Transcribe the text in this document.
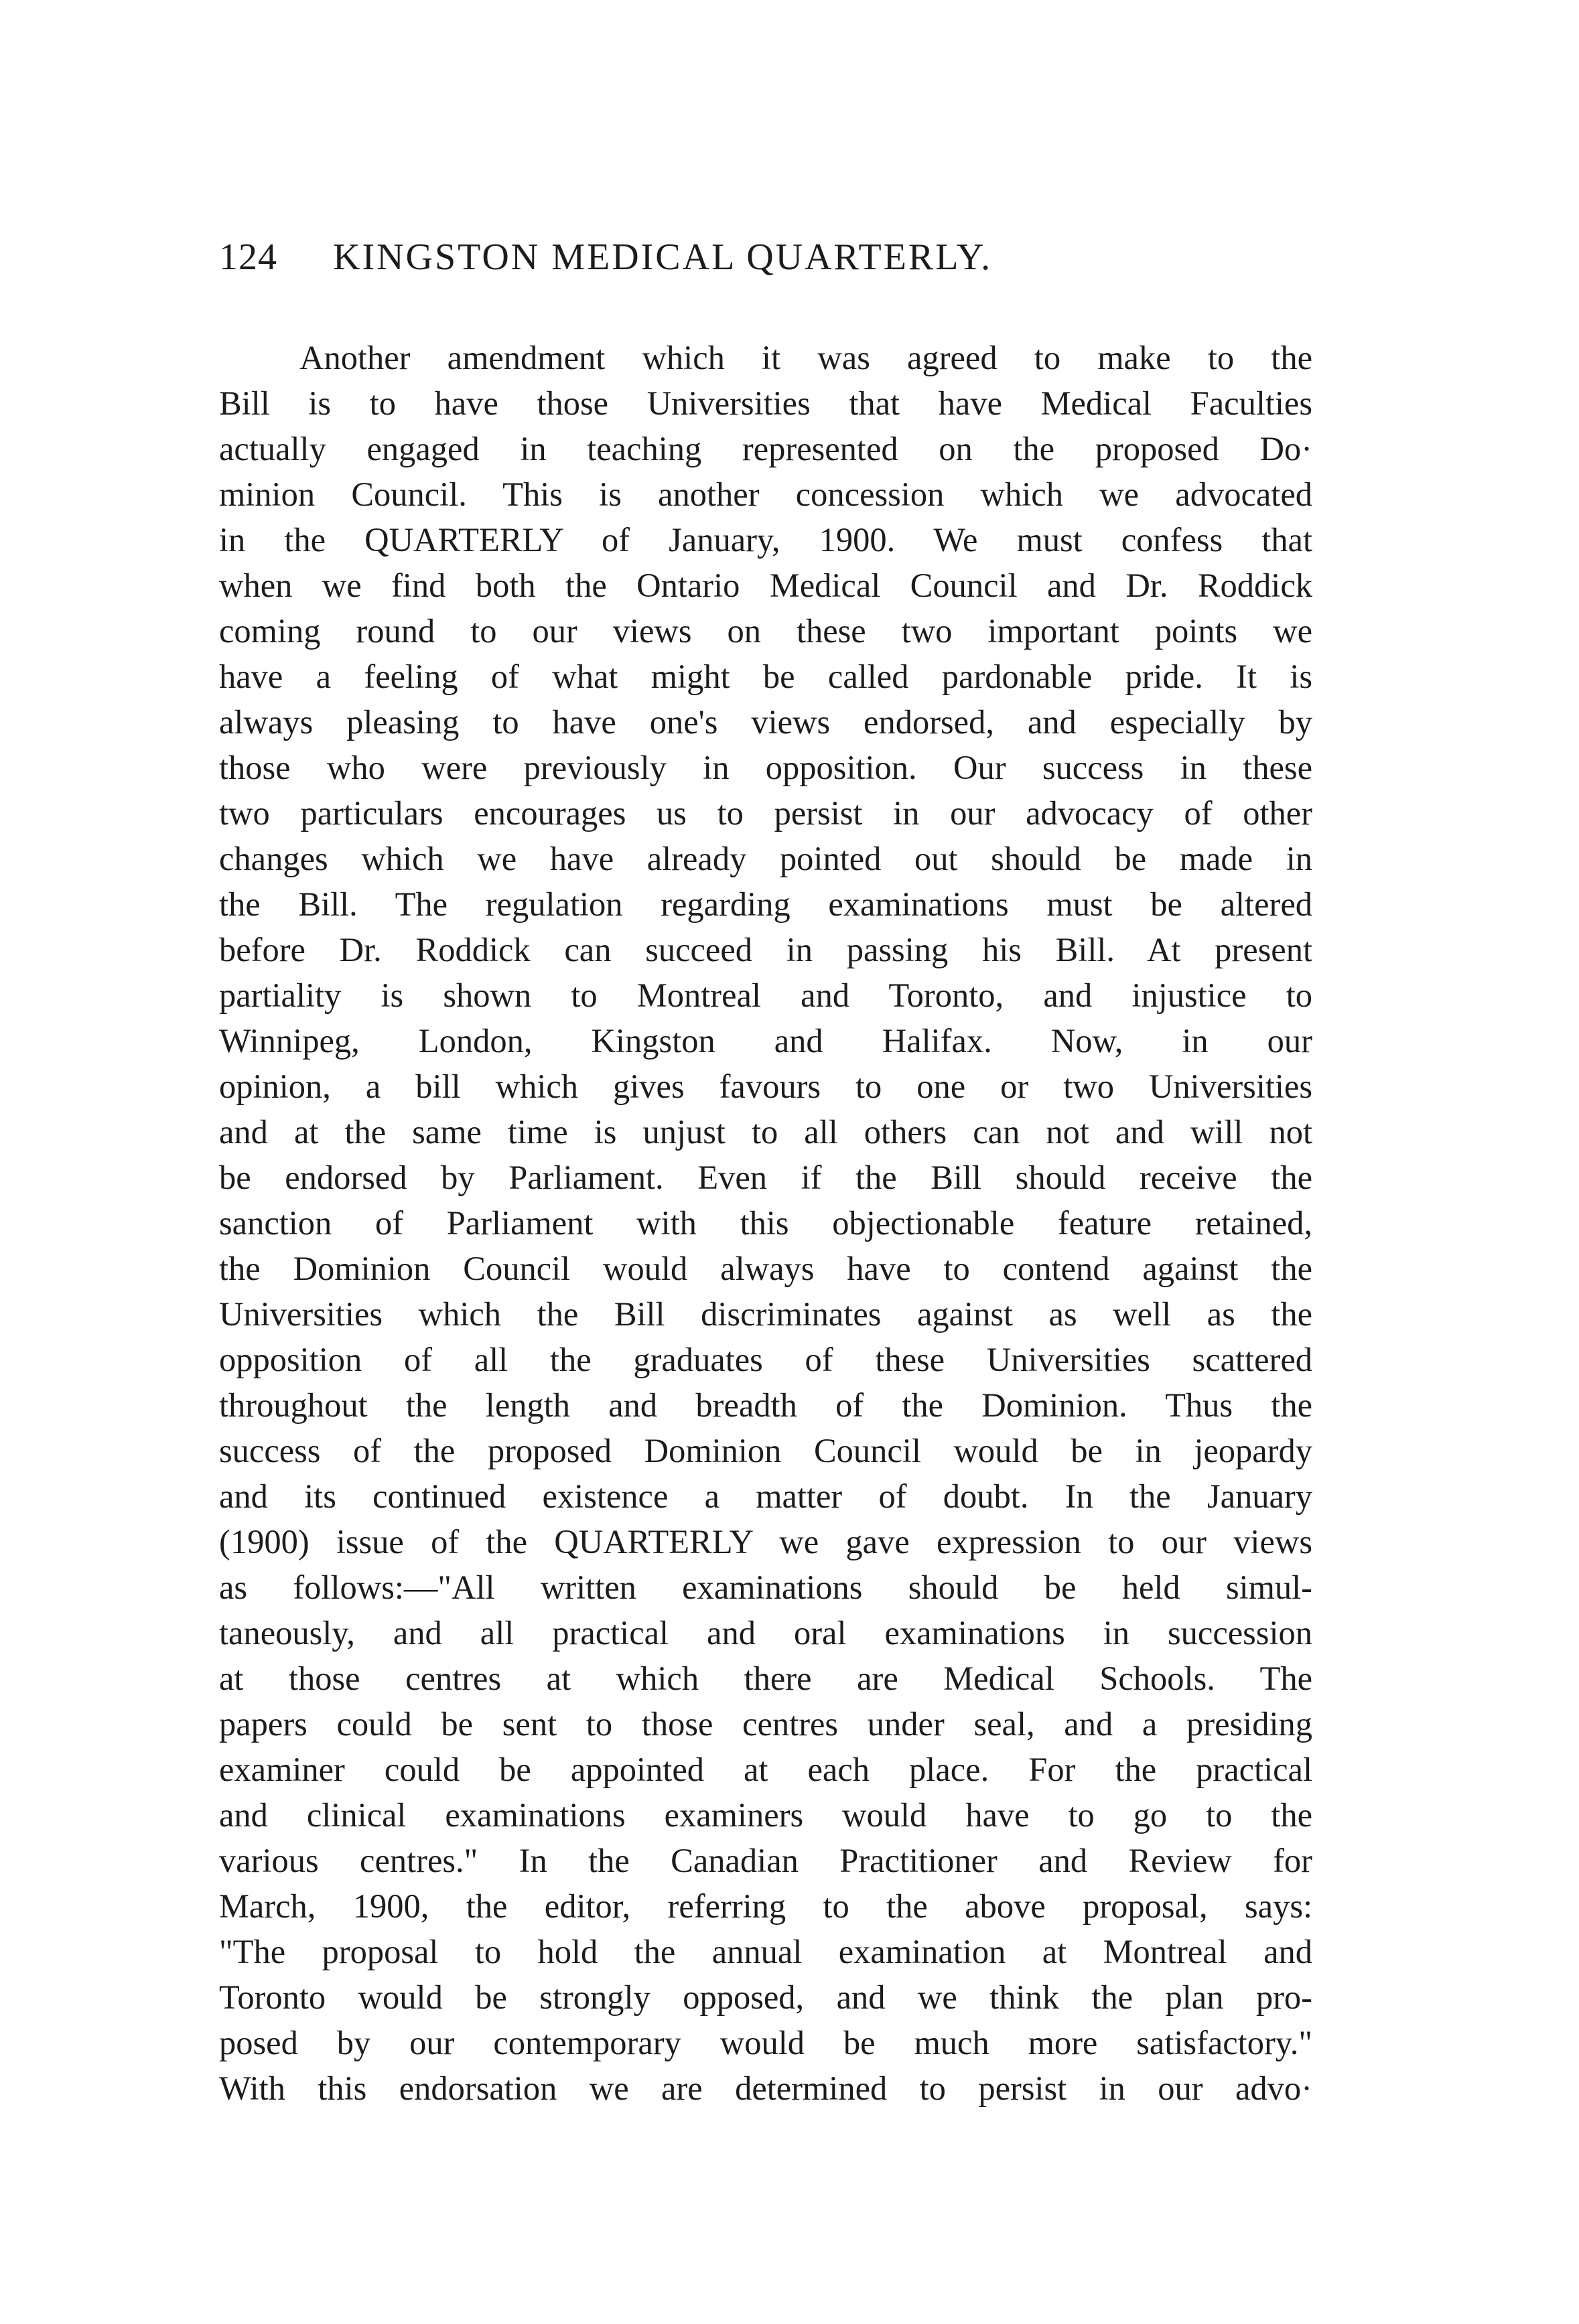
124 KINGSTON MEDICAL QUARTERLY.
Another amendment which it was agreed to make to the
Bill is to have those Universities that have Medical Faculties
actually engaged in teaching represented on the proposed Do·
minion Council. This is another concession which we advocated
in the QUARTERLY of January, 1900. We must confess that
when we find both the Ontario Medical Council and Dr. Roddick
coming round to our views on these two important points we
have a feeling of what might be called pardonable pride. It is
always pleasing to have one's views endorsed, and especially by
those who were previously in opposition. Our success in these
two particulars encourages us to persist in our advocacy of other
changes which we have already pointed out should be made in
the Bill. The regulation regarding examinations must be altered
before Dr. Roddick can succeed in passing his Bill. At present
partiality is shown to Montreal and Toronto, and injustice to
Winnipeg, London, Kingston and Halifax. Now, in our
opinion, a bill which gives favours to one or two Universities
and at the same time is unjust to all others can not and will not
be endorsed by Parliament. Even if the Bill should receive the
sanction of Parliament with this objectionable feature retained,
the Dominion Council would always have to contend against the
Universities which the Bill discriminates against as well as the
opposition of all the graduates of these Universities scattered
throughout the length and breadth of the Dominion. Thus the
success of the proposed Dominion Council would be in jeopardy
and its continued existence a matter of doubt. In the January
(1900) issue of the QUARTERLY we gave expression to our views
as follows:—"All written examinations should be held simul-
taneously, and all practical and oral examinations in succession
at those centres at which there are Medical Schools. The
papers could be sent to those centres under seal, and a presiding
examiner could be appointed at each place. For the practical
and clinical examinations examiners would have to go to the
various centres." In the Canadian Practitioner and Review for
March, 1900, the editor, referring to the above proposal, says:
"The proposal to hold the annual examination at Montreal and
Toronto would be strongly opposed, and we think the plan pro-
posed by our contemporary would be much more satisfactory."
With this endorsation we are determined to persist in our advo·
